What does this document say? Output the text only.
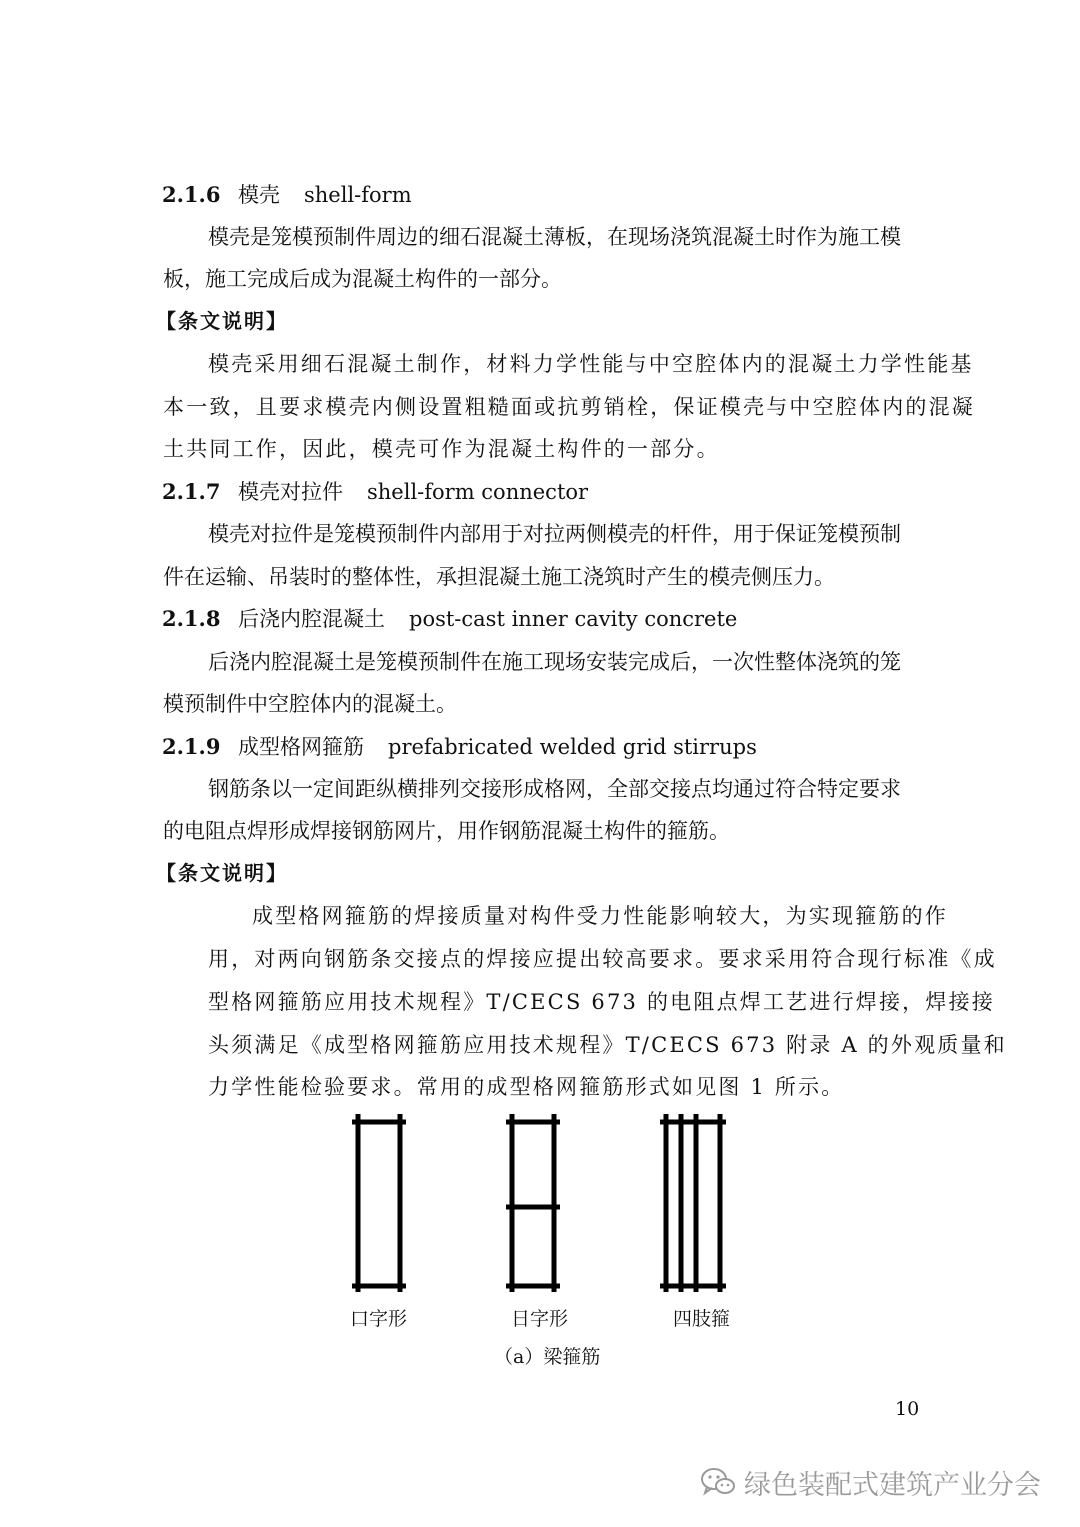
2.1.6 模壳 shell-form
模壳是笼模预制件周边的细石混凝土薄板，在现场浇筑混凝土时作为施工模
板，施工完成后成为混凝土构件的一部分。
【条文说明】
模壳采用细石混凝土制作，材料力学性能与中空腔体内的混凝土力学性能基
本一致，且要求模壳内侧设置粗糙面或抗剪销栓，保证模壳与中空腔体内的混凝
土共同工作，因此，模壳可作为混凝土构件的一部分。
2.1.7 模壳对拉件 shell-form connector
模壳对拉件是笼模预制件内部用于对拉两侧模壳的杆件，用于保证笼模预制
件在运输、吊装时的整体性，承担混凝土施工浇筑时产生的模壳侧压力。
2.1.8 后浇内腔混凝土 post-cast inner cavity concrete
后浇内腔混凝土是笼模预制件在施工现场安装完成后，一次性整体浇筑的笼
模预制件中空腔体内的混凝土。
2.1.9 成型格网箍筋 prefabricated welded grid stirrups
钢筋条以一定间距纵横排列交接形成格网，全部交接点均通过符合特定要求
的电阻点焊形成焊接钢筋网片，用作钢筋混凝土构件的箍筋。
【条文说明】
成型格网箍筋的焊接质量对构件受力性能影响较大，为实现箍筋的作
用，对两向钢筋条交接点的焊接应提出较高要求。要求采用符合现行标准《成
型格网箍筋应用技术规程》T/CECS 673 的电阻点焊工艺进行焊接，焊接接
头须满足《成型格网箍筋应用技术规程》T/CECS 673 附录 A 的外观质量和
力学性能检验要求。常用的成型格网箍筋形式如见图 1 所示。
口字形	日字形	四肢箍
（a）梁箍筋
10
绿色装配式建筑产业分会
